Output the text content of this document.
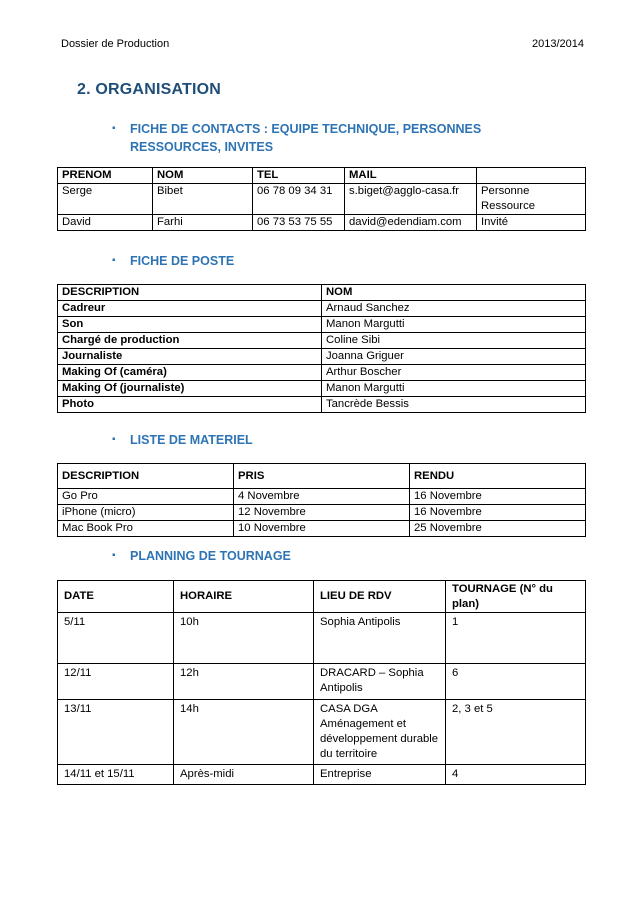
Dossier de Production	2013/2014
2. ORGANISATION
▪	FICHE DE CONTACTS : EQUIPE TECHNIQUE, PERSONNES RESSOURCES, INVITES
PRENOM	NOM	TEL	MAIL	
Serge	Bibet	06 78 09 34 31	s.biget@agglo-casa.fr	Personne Ressource
David	Farhi	06 73 53 75 55	david@edendiam.com	Invité
▪	FICHE DE POSTE
DESCRIPTION	NOM
Cadreur	Arnaud Sanchez
Son	Manon Margutti
Chargé de production	Coline Sibi
Journaliste	Joanna Griguer
Making Of (caméra)	Arthur Boscher
Making Of (journaliste)	Manon Margutti
Photo	Tancrède Bessis
▪	LISTE DE MATERIEL
DESCRIPTION	PRIS	RENDU
Go Pro	4 Novembre	16 Novembre
iPhone (micro)	12 Novembre	16 Novembre
Mac Book Pro	10 Novembre	25 Novembre
▪	PLANNING DE TOURNAGE
DATE	HORAIRE	LIEU DE RDV	TOURNAGE (N° du plan)
5/11	10h	Sophia Antipolis	1
12/11	12h	DRACARD – Sophia Antipolis	6
13/11	14h	CASA DGA Aménagement et développement durable du territoire	2, 3 et 5
14/11 et 15/11	Après-midi	Entreprise	4
